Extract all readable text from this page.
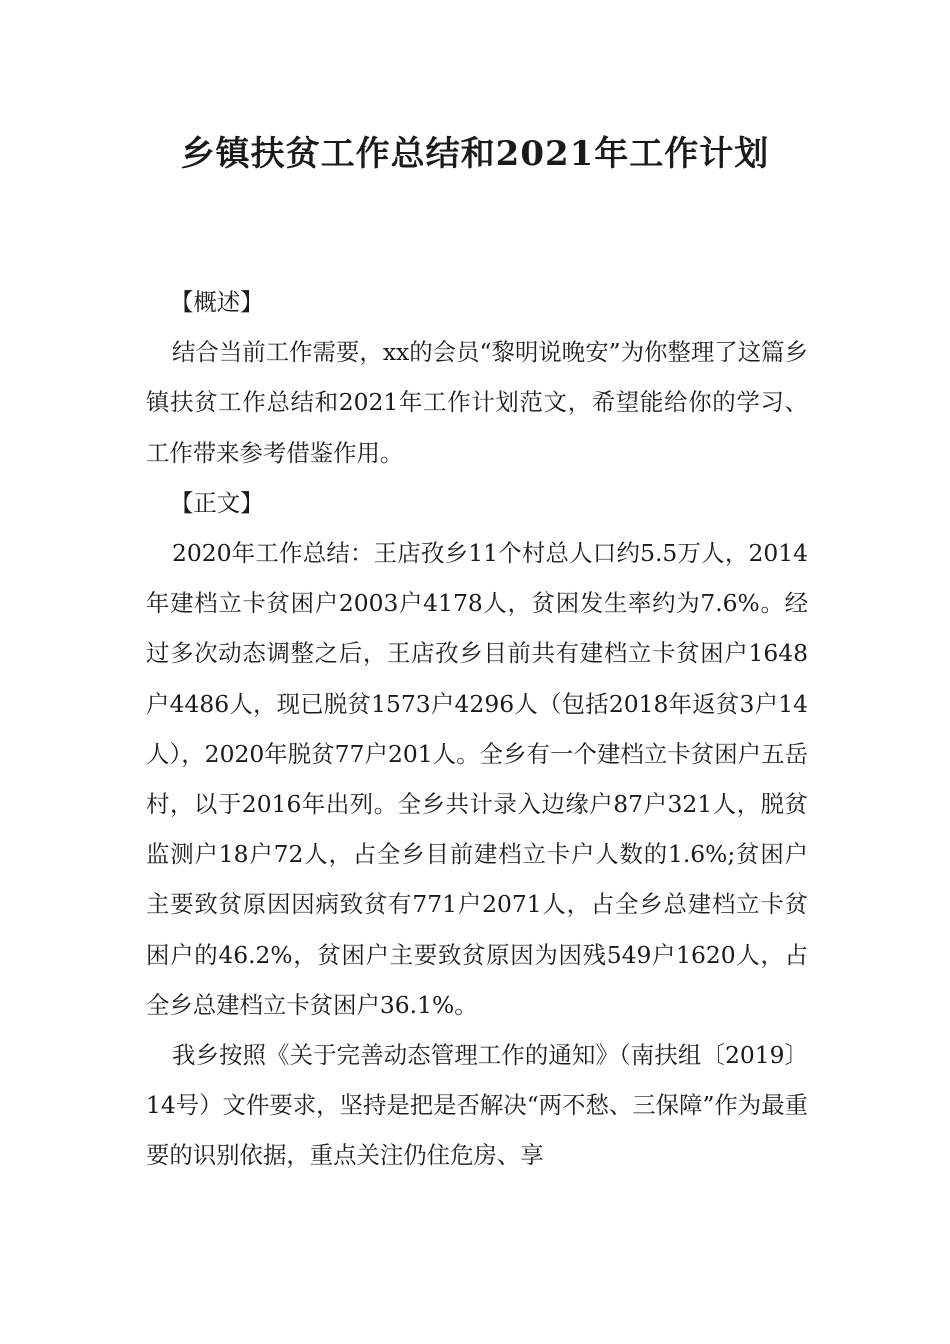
乡镇扶贫工作总结和2021年工作计划

【概述】

结合当前工作需要，xx的会员“黎明说晚安”为你整理了这篇乡镇扶贫工作总结和2021年工作计划范文，希望能给你的学习、工作带来参考借鉴作用。

【正文】

2020年工作总结：王店孜乡11个村总人口约5.5万人，2014年建档立卡贫困户2003户4178人，贫困发生率约为7.6%。经过多次动态调整之后，王店孜乡目前共有建档立卡贫困户1648户4486人，现已脱贫1573户4296人（包括2018年返贫3户14人），2020年脱贫77户201人。全乡有一个建档立卡贫困户五岳村，以于2016年出列。全乡共计录入边缘户87户321人，脱贫监测户18户72人，占全乡目前建档立卡户人数的1.6%;贫困户主要致贫原因因病致贫有771户2071人，占全乡总建档立卡贫困户的46.2%，贫困户主要致贫原因为因残549户1620人，占全乡总建档立卡贫困户36.1%。

我乡按照《关于完善动态管理工作的通知》（南扶组〔2019〕14号）文件要求，坚持是把是否解决“两不愁、三保障”作为最重要的识别依据，重点关注仍住危房、享
